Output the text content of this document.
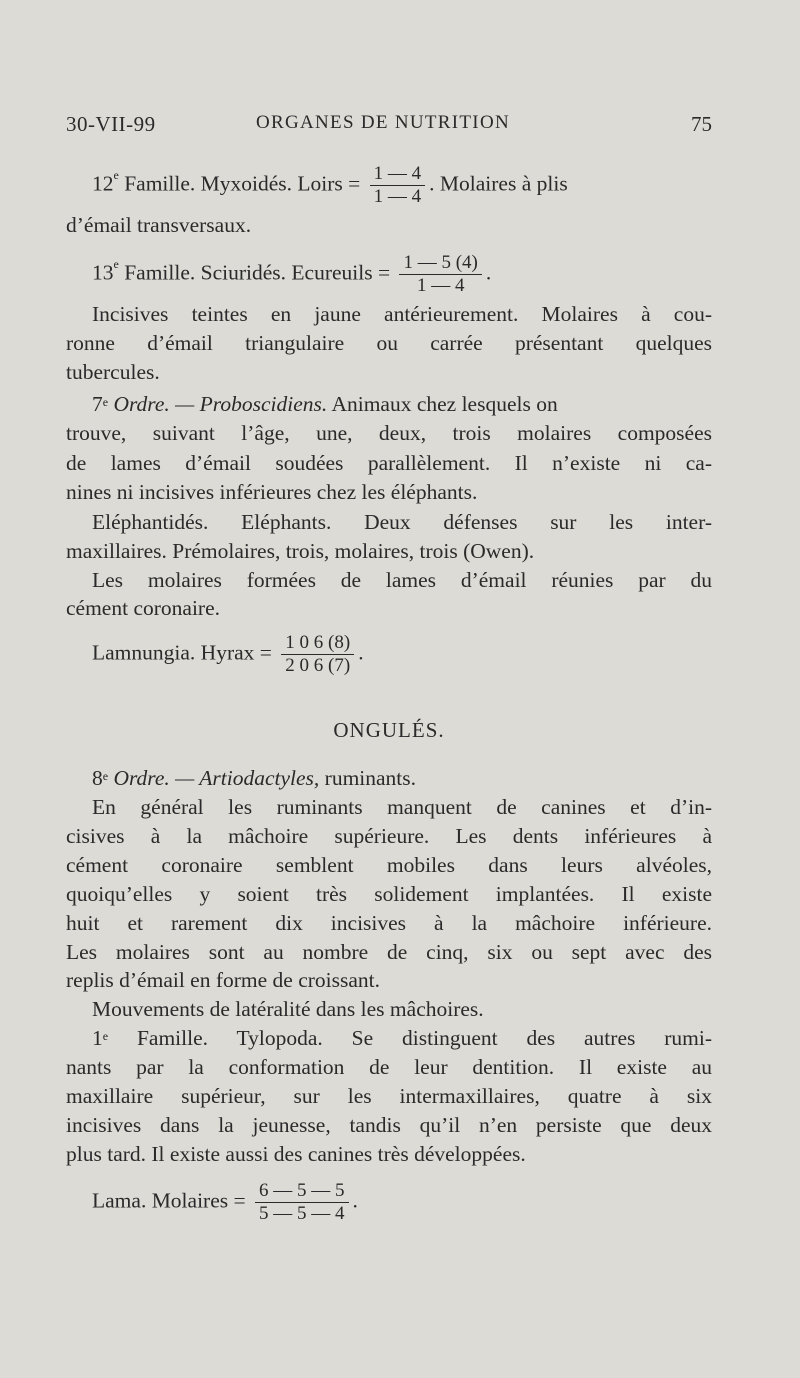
30-VII-99	ORGANES DE NUTRITION	75
12e Famille. Myxoidés. Loirs = $\frac{1 — 4}{1 — 4}$ . Molaires à plis
d’émail transversaux.
13e Famille. Sciuridés. Ecureuils = $\frac{1 — 5 (4)}{1 — 4}$ .
Incisives teintes en jaune antérieurement. Molaires à cou-
ronne d’émail triangulaire ou carrée présentant quelques
tubercules.
7e Ordre. — Proboscidiens. Animaux chez lesquels on
trouve, suivant l’âge, une, deux, trois molaires composées
de lames d’émail soudées parallèlement. Il n’existe ni ca-
nines ni incisives inférieures chez les éléphants.
Eléphantidés. Eléphants. Deux défenses sur les inter-
maxillaires. Prémolaires, trois, molaires, trois (Owen).
Les molaires formées de lames d’émail réunies par du
cément coronaire.
Lamnungia. Hyrax = $\frac{1 0 6 (8)}{2 0 6 (7)}$ .
ONGULÉS.
8e Ordre. — Artiodactyles, ruminants.
En général les ruminants manquent de canines et d’in-
cisives à la mâchoire supérieure. Les dents inférieures à
cément coronaire semblent mobiles dans leurs alvéoles,
quoiqu’elles y soient très solidement implantées. Il existe
huit et rarement dix incisives à la mâchoire inférieure.
Les molaires sont au nombre de cinq, six ou sept avec des
replis d’émail en forme de croissant.
Mouvements de latéralité dans les mâchoires.
1e Famille. Tylopoda. Se distinguent des autres rumi-
nants par la conformation de leur dentition. Il existe au
maxillaire supérieur, sur les intermaxillaires, quatre à six
incisives dans la jeunesse, tandis qu’il n’en persiste que deux
plus tard. Il existe aussi des canines très développées.
Lama. Molaires = $\frac{6 — 5 — 5}{5 — 5 — 4}$ .
